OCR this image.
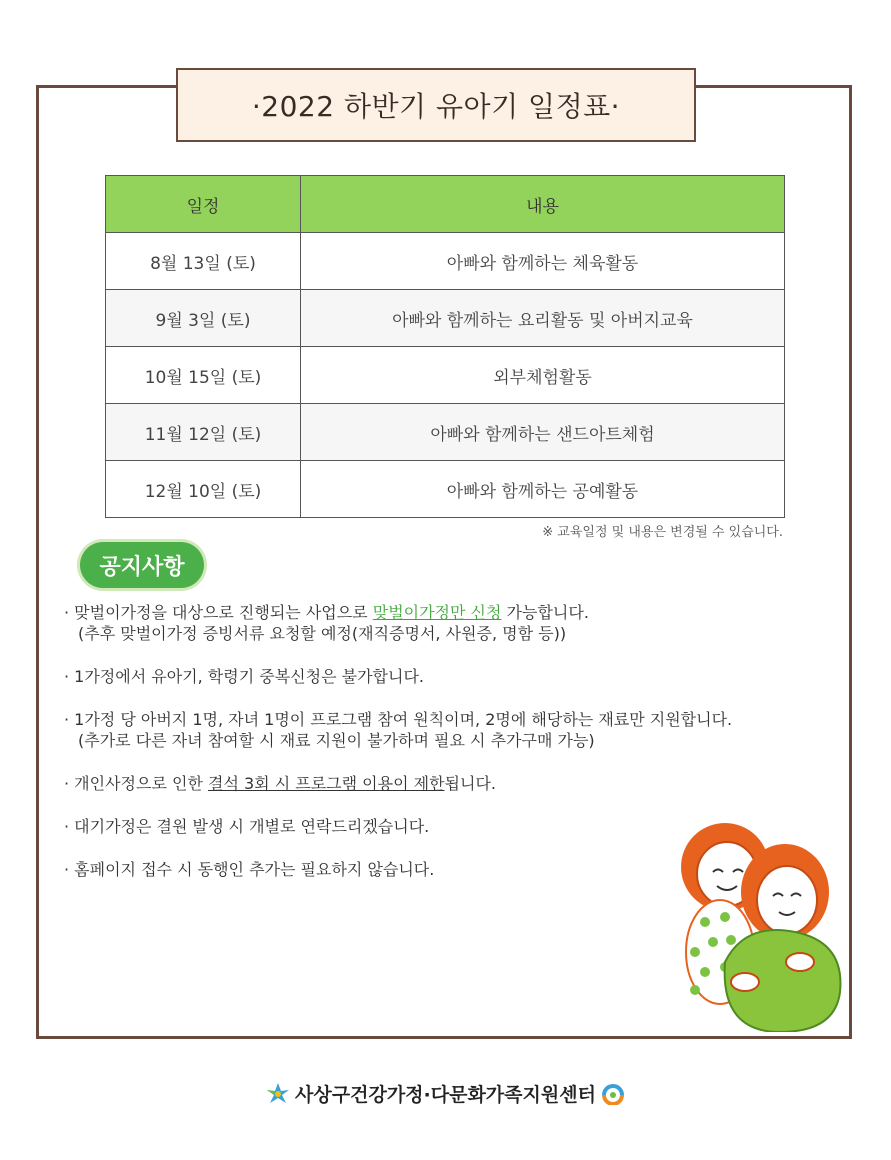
·2022 하반기 유아기 일정표·
일정	내용
8월 13일 (토)	아빠와 함께하는 체육활동
9월 3일 (토)	아빠와 함께하는 요리활동 및 아버지교육
10월 15일 (토)	외부체험활동
11월 12일 (토)	아빠와 함께하는 샌드아트체험
12월 10일 (토)	아빠와 함께하는 공예활동
※ 교육일정 및 내용은 변경될 수 있습니다.
공지사항

· 맞벌이가정을 대상으로 진행되는 사업으로 맞벌이가정만 신청 가능합니다.
(추후 맞벌이가정 증빙서류 요청할 예정(재직증명서, 사원증, 명함 등))

· 1가정에서 유아기, 학령기 중복신청은 불가합니다.

· 1가정 당 아버지 1명, 자녀 1명이 프로그램 참여 원칙이며, 2명에 해당하는 재료만 지원합니다.
(추가로 다른 자녀 참여할 시 재료 지원이 불가하며 필요 시 추가구매 가능)

· 개인사정으로 인한 결석 3회 시 프로그램 이용이 제한됩니다.

· 대기가정은 결원 발생 시 개별로 연락드리겠습니다.

· 홈페이지 접수 시 동행인 추가는 필요하지 않습니다.

사상구건강가정·다문화가족지원센터
